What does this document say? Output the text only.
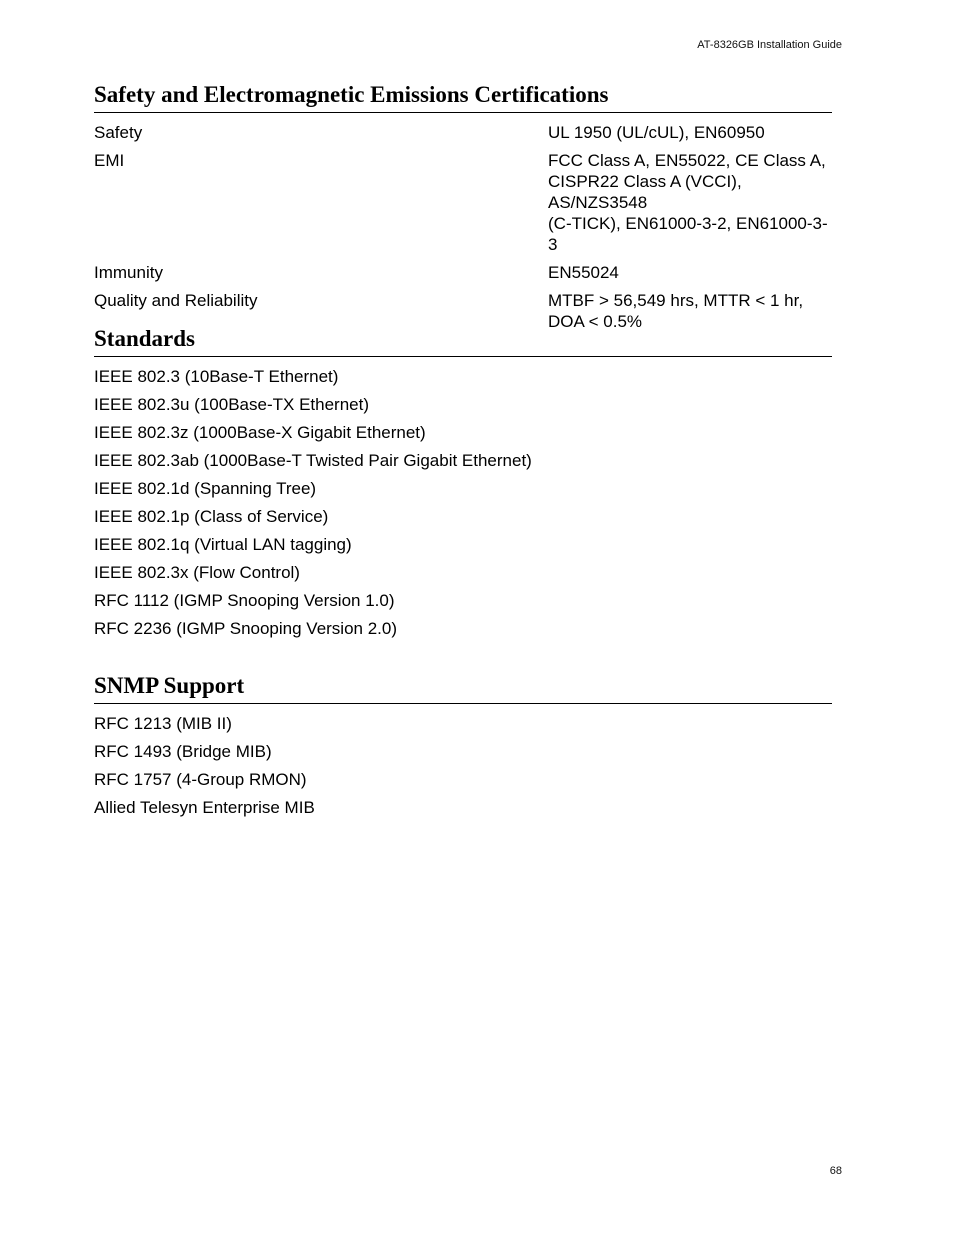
AT-8326GB Installation Guide
Safety and Electromagnetic Emissions Certifications
Safety	UL 1950 (UL/cUL), EN60950
EMI	FCC Class A, EN55022, CE Class A,
CISPR22 Class A (VCCI), AS/NZS3548
(C-TICK), EN61000-3-2, EN61000-3-3
Immunity	EN55024
Quality and Reliability	MTBF > 56,549 hrs, MTTR < 1 hr,
DOA < 0.5%
Standards
IEEE 802.3 (10Base-T Ethernet)
IEEE 802.3u (100Base-TX Ethernet)
IEEE 802.3z (1000Base-X Gigabit Ethernet)
IEEE 802.3ab (1000Base-T Twisted Pair Gigabit Ethernet)
IEEE 802.1d (Spanning Tree)
IEEE 802.1p (Class of Service)
IEEE 802.1q (Virtual LAN tagging)
IEEE 802.3x (Flow Control)
RFC 1112 (IGMP Snooping Version 1.0)
RFC 2236 (IGMP Snooping Version 2.0)
SNMP Support
RFC 1213 (MIB II)
RFC 1493 (Bridge MIB)
RFC 1757 (4-Group RMON)
Allied Telesyn Enterprise MIB
68
